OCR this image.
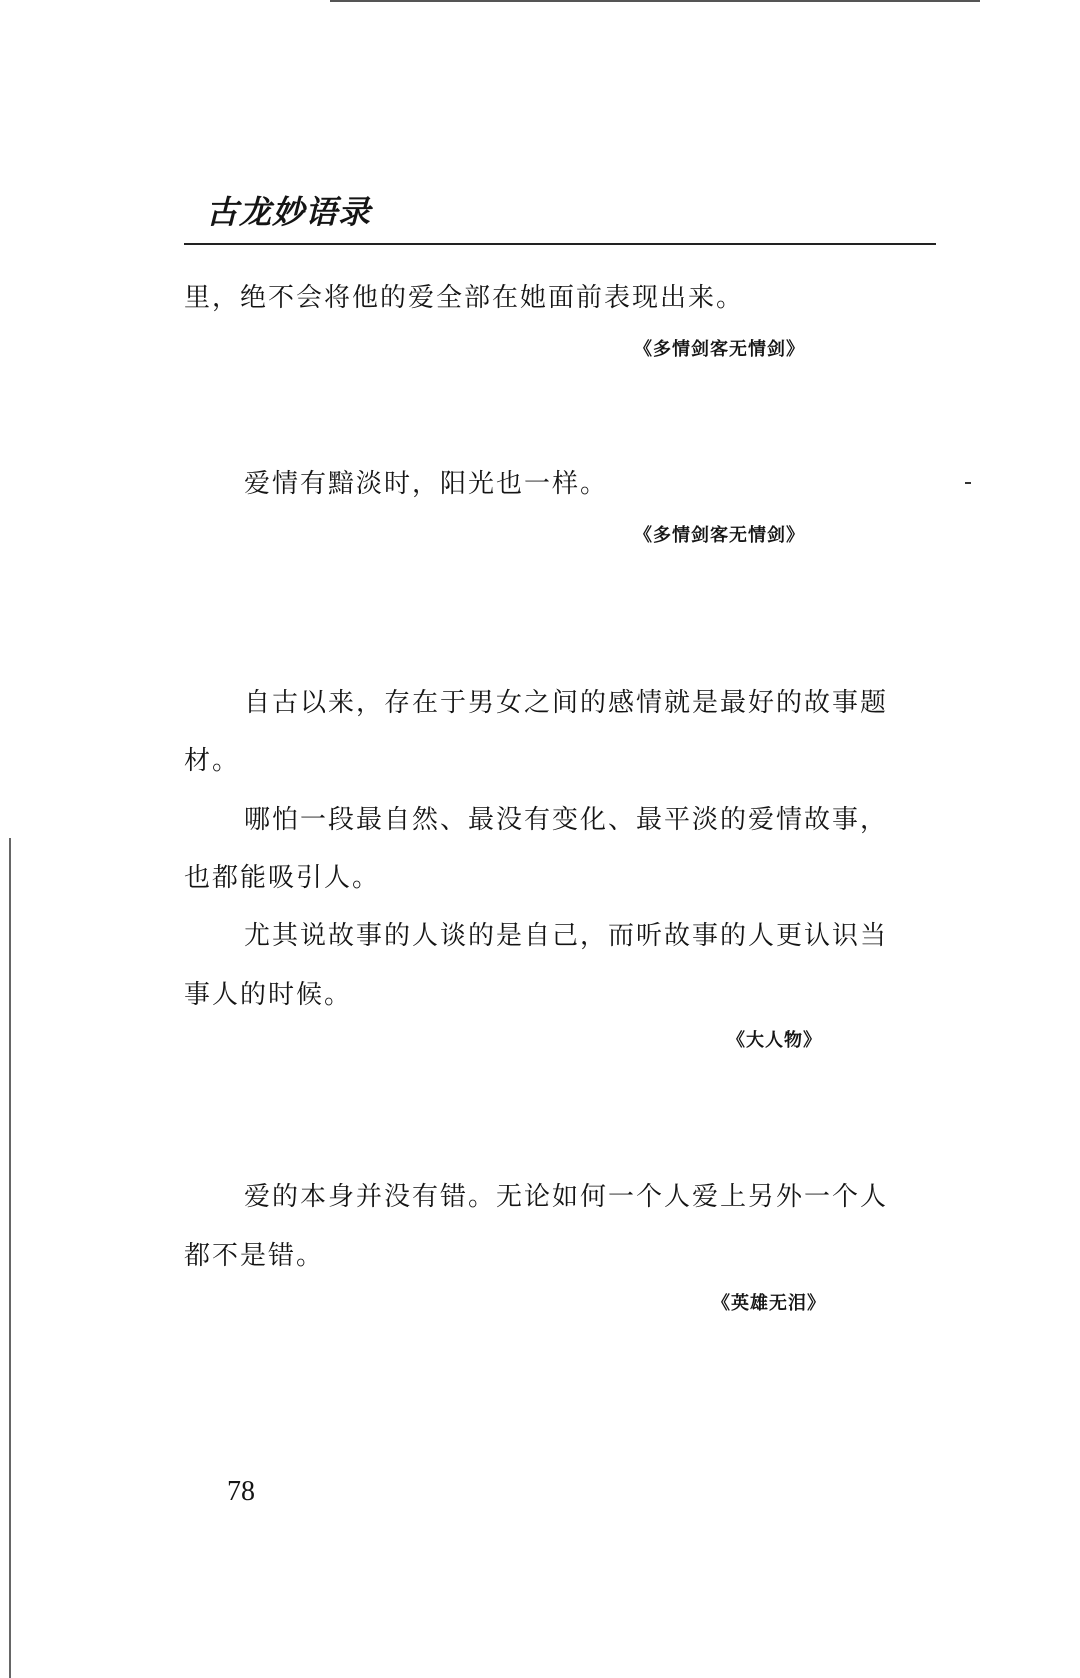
古龙妙语录
里，绝不会将他的爱全部在她面前表现出来。
《多情剑客无情剑》
爱情有黯淡时，阳光也一样。
《多情剑客无情剑》
自古以来，存在于男女之间的感情就是最好的故事题
材。
哪怕一段最自然、最没有变化、最平淡的爱情故事，
也都能吸引人。
尤其说故事的人谈的是自己，而听故事的人更认识当
事人的时候。
《大人物》
爱的本身并没有错。无论如何一个人爱上另外一个人
都不是错。
《英雄无泪》
78
